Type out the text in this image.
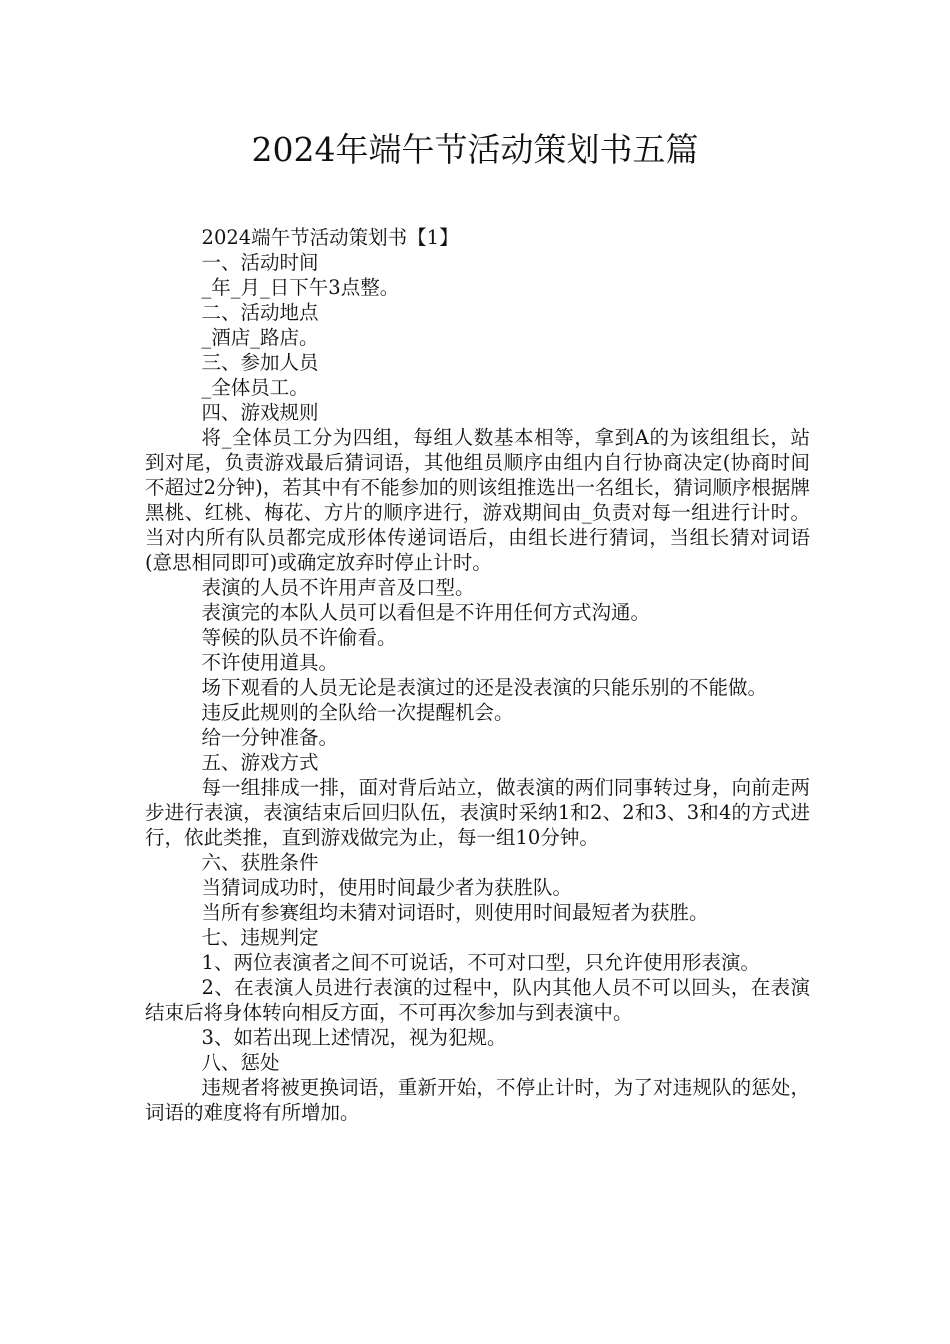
2024年端午节活动策划书五篇

2024端午节活动策划书【1】

一、活动时间

_年_月_日下午3点整。

二、活动地点

_酒店_路店。

三、参加人员

_全体员工。

四、游戏规则

将_全体员工分为四组，每组人数基本相等，拿到A的为该组组长，站到对尾，负责游戏最后猜词语，其他组员顺序由组内自行协商决定(协商时间不超过2分钟)，若其中有不能参加的则该组推选出一名组长，猜词顺序根据牌黑桃、红桃、梅花、方片的顺序进行，游戏期间由_负责对每一组进行计时。当对内所有队员都完成形体传递词语后，由组长进行猜词，当组长猜对词语(意思相同即可)或确定放弃时停止计时。

表演的人员不许用声音及口型。

表演完的本队人员可以看但是不许用任何方式沟通。

等候的队员不许偷看。

不许使用道具。

场下观看的人员无论是表演过的还是没表演的只能乐别的不能做。

违反此规则的全队给一次提醒机会。

给一分钟准备。

五、游戏方式

每一组排成一排，面对背后站立，做表演的两们同事转过身，向前走两步进行表演，表演结束后回归队伍，表演时采纳1和2、2和3、3和4的方式进行，依此类推，直到游戏做完为止，每一组10分钟。

六、获胜条件

当猜词成功时，使用时间最少者为获胜队。

当所有参赛组均未猜对词语时，则使用时间最短者为获胜。

七、违规判定

1、两位表演者之间不可说话，不可对口型，只允许使用形表演。

2、在表演人员进行表演的过程中，队内其他人员不可以回头，在表演结束后将身体转向相反方面，不可再次参加与到表演中。

3、如若出现上述情况，视为犯规。

八、惩处

违规者将被更换词语，重新开始，不停止计时，为了对违规队的惩处，词语的难度将有所增加。
